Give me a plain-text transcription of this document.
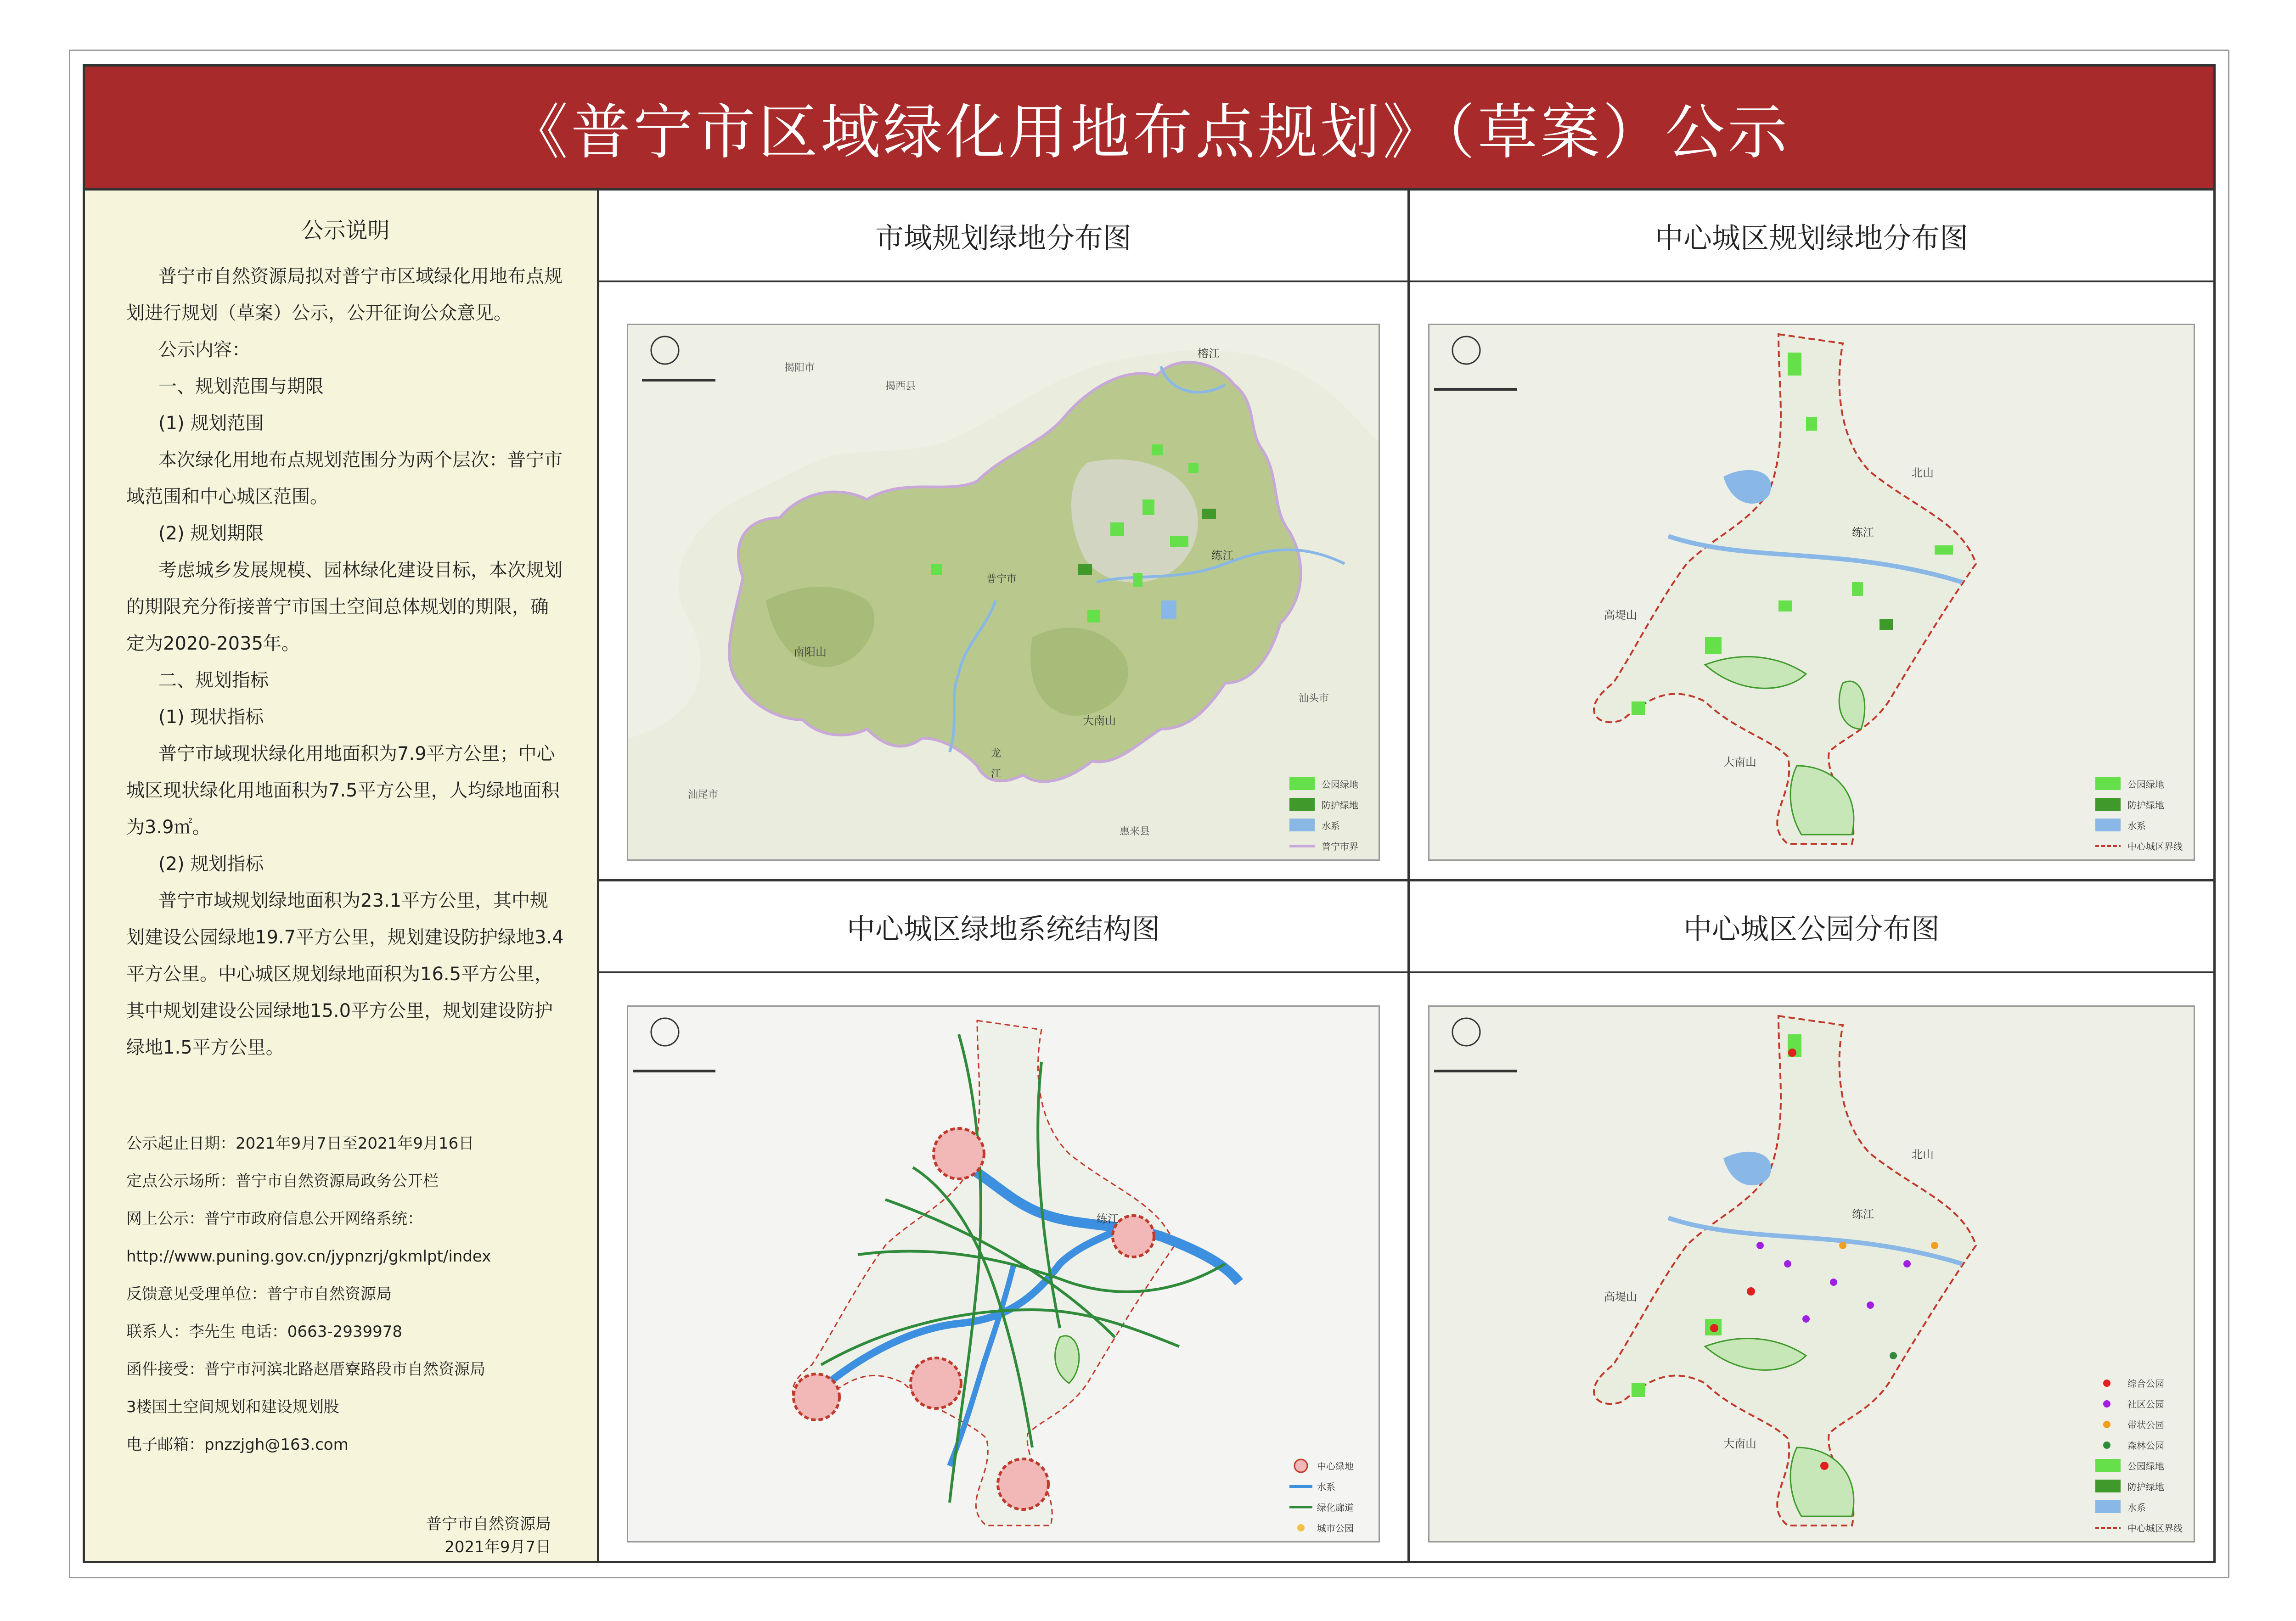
《普宁市区域绿化用地布点规划》（草案）公示
公示说明

普宁市自然资源局拟对普宁市区域绿化用地布点规划进行规划（草案）公示，公开征询公众意见。

公示内容：

一、规划范围与期限

(1) 规划范围

本次绿化用地布点规划范围分为两个层次：普宁市域范围和中心城区范围。

(2) 规划期限

考虑城乡发展规模、园林绿化建设目标，本次规划的期限充分衔接普宁市国土空间总体规划的期限，确定为2020-2035年。

二、规划指标

(1) 现状指标

普宁市域现状绿化用地面积为7.9平方公里；中心城区现状绿化用地面积为7.5平方公里，人均绿地面积为3.9㎡。

(2) 规划指标

普宁市域规划绿地面积为23.1平方公里，其中规划建设公园绿地19.7平方公里，规划建设防护绿地3.4平方公里。中心城区规划绿地面积为16.5平方公里，其中规划建设公园绿地15.0平方公里，规划建设防护绿地1.5平方公里。

公示起止日期：2021年9月7日至2021年9月16日
定点公示场所：普宁市自然资源局政务公开栏
网上公示：普宁市政府信息公开网络系统：
http://www.puning.gov.cn/jypnzrj/gkmlpt/index
反馈意见受理单位：普宁市自然资源局
联系人：李先生 电话：0663-2939978
函件接受：普宁市河滨北路赵厝寮路段市自然资源局
3楼国土空间规划和建设规划股
电子邮箱：pnzzjgh@163.com
普宁市自然资源局
2021年9月7日
市域规划绿地分布图
揭阳市
揭西县
榕江
练江
普宁市
南阳山
大南山
汕头市
龙
江
汕尾市
惠来县
公园绿地
防护绿地
水系
普宁市界
中心城区规划绿地分布图
北山
练江
高堤山
大南山
公园绿地
防护绿地
水系
中心城区界线
中心城区绿地系统结构图
练江
中心绿地
水系
绿化廊道
城市公园
中心城区公园分布图
北山
练江
高堤山
大南山
综合公园
社区公园
带状公园
森林公园
公园绿地
防护绿地
水系
中心城区界线
